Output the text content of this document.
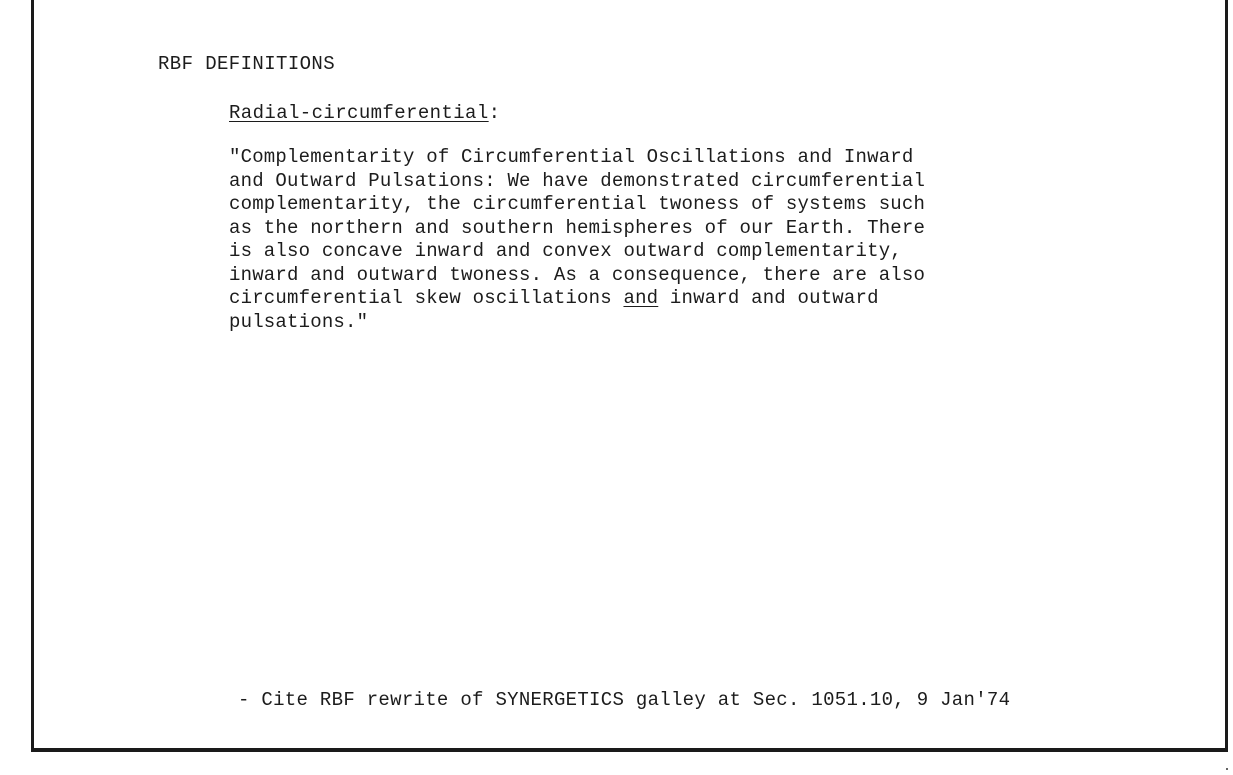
RBF DEFINITIONS
Radial-circumferential:
"Complementarity of Circumferential Oscillations and Inward
and Outward Pulsations: We have demonstrated circumferential
complementarity, the circumferential twoness of systems such
as the northern and southern hemispheres of our Earth. There
is also concave inward and convex outward complementarity,
inward and outward twoness. As a consequence, there are also
circumferential skew oscillations and inward and outward
pulsations."
- Cite RBF rewrite of SYNERGETICS galley at Sec. 1051.10, 9 Jan'74
